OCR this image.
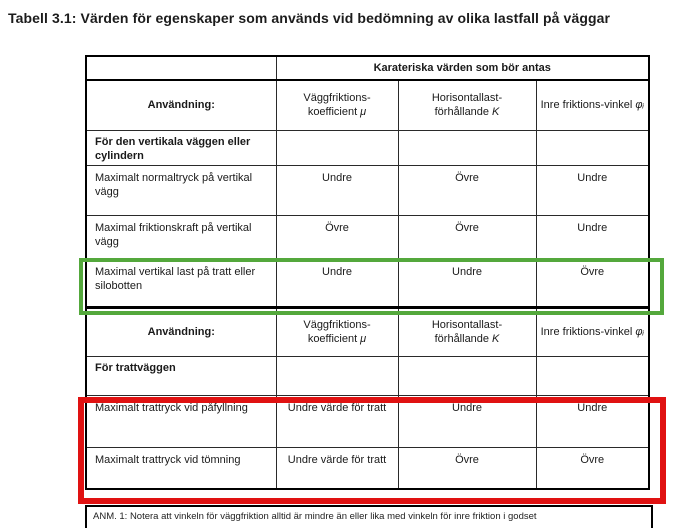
Tabell 3.1: Värden för egenskaper som används vid bedömning av olika lastfall på väggar
	Karateriska värden som bör antas		
Användning:	Väggfriktions-koefficient μ	Horisontallast-förhållande K	Inre friktions-vinkel φᵢ
För den vertikala väggen eller cylindern			
Maximalt normaltryck på vertikal vägg	Undre	Övre	Undre
Maximal friktionskraft på vertikal vägg	Övre	Övre	Undre
Maximal vertikal last på tratt eller silobotten	Undre	Undre	Övre
Användning:	Väggfriktions-koefficient μ	Horisontallast-förhållande K	Inre friktions-vinkel φᵢ
För trattväggen			
Maximalt trattryck vid påfyllning	Undre värde för tratt	Undre	Undre
Maximalt trattryck vid tömning	Undre värde för tratt	Övre	Övre
ANM. 1: Notera att vinkeln för väggfriktion alltid är mindre än eller lika med vinkeln för inre friktion i godset
